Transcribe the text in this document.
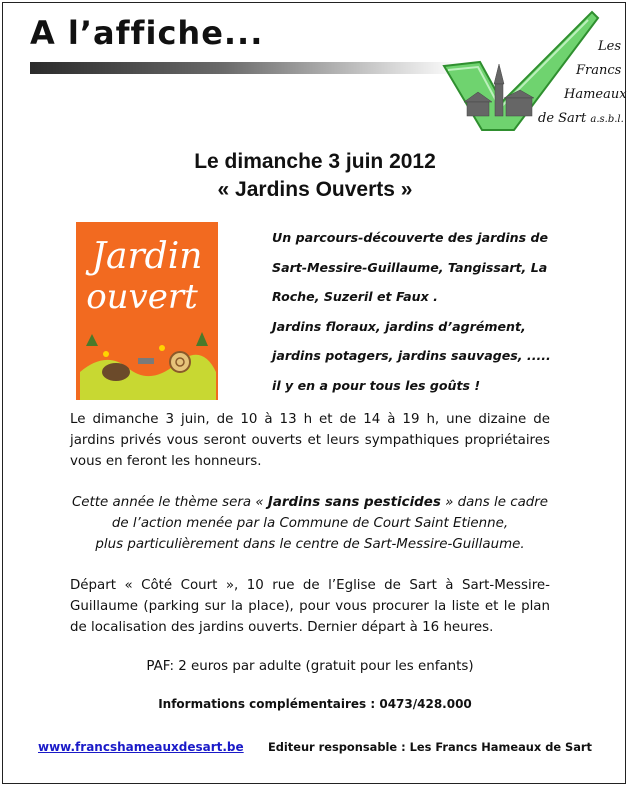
A l’affiche...	Les
Francs
Hameaux
de Sart a.s.b.l.
Le dimanche 3 juin 2012
« Jardins Ouverts »
Jardin
ouvert
Un parcours-découverte des jardins de
Sart-Messire-Guillaume, Tangissart, La
Roche, Suzeril et Faux .
Jardins floraux, jardins d’agrément,
jardins potagers, jardins sauvages, .....
il y en a pour tous les goûts !
Le dimanche 3 juin, de 10 à 13 h et de 14 à 19 h, une dizaine de jardins privés vous seront ouverts et leurs sympathiques propriétaires vous en feront les honneurs.
Cette année le thème sera « Jardins sans pesticides » dans le cadre
de l’action menée par la Commune de Court Saint Etienne,
plus particulièrement dans le centre de Sart-Messire-Guillaume.
Départ « Côté Court », 10 rue de l’Eglise de Sart à Sart-Messire-Guillaume (parking sur la place), pour vous procurer la liste et le plan de localisation des jardins ouverts. Dernier départ à 16 heures.
PAF: 2 euros par adulte (gratuit pour les enfants)
Informations complémentaires : 0473/428.000
www.francshameauxdesart.be Editeur responsable : Les Francs Hameaux de Sart
